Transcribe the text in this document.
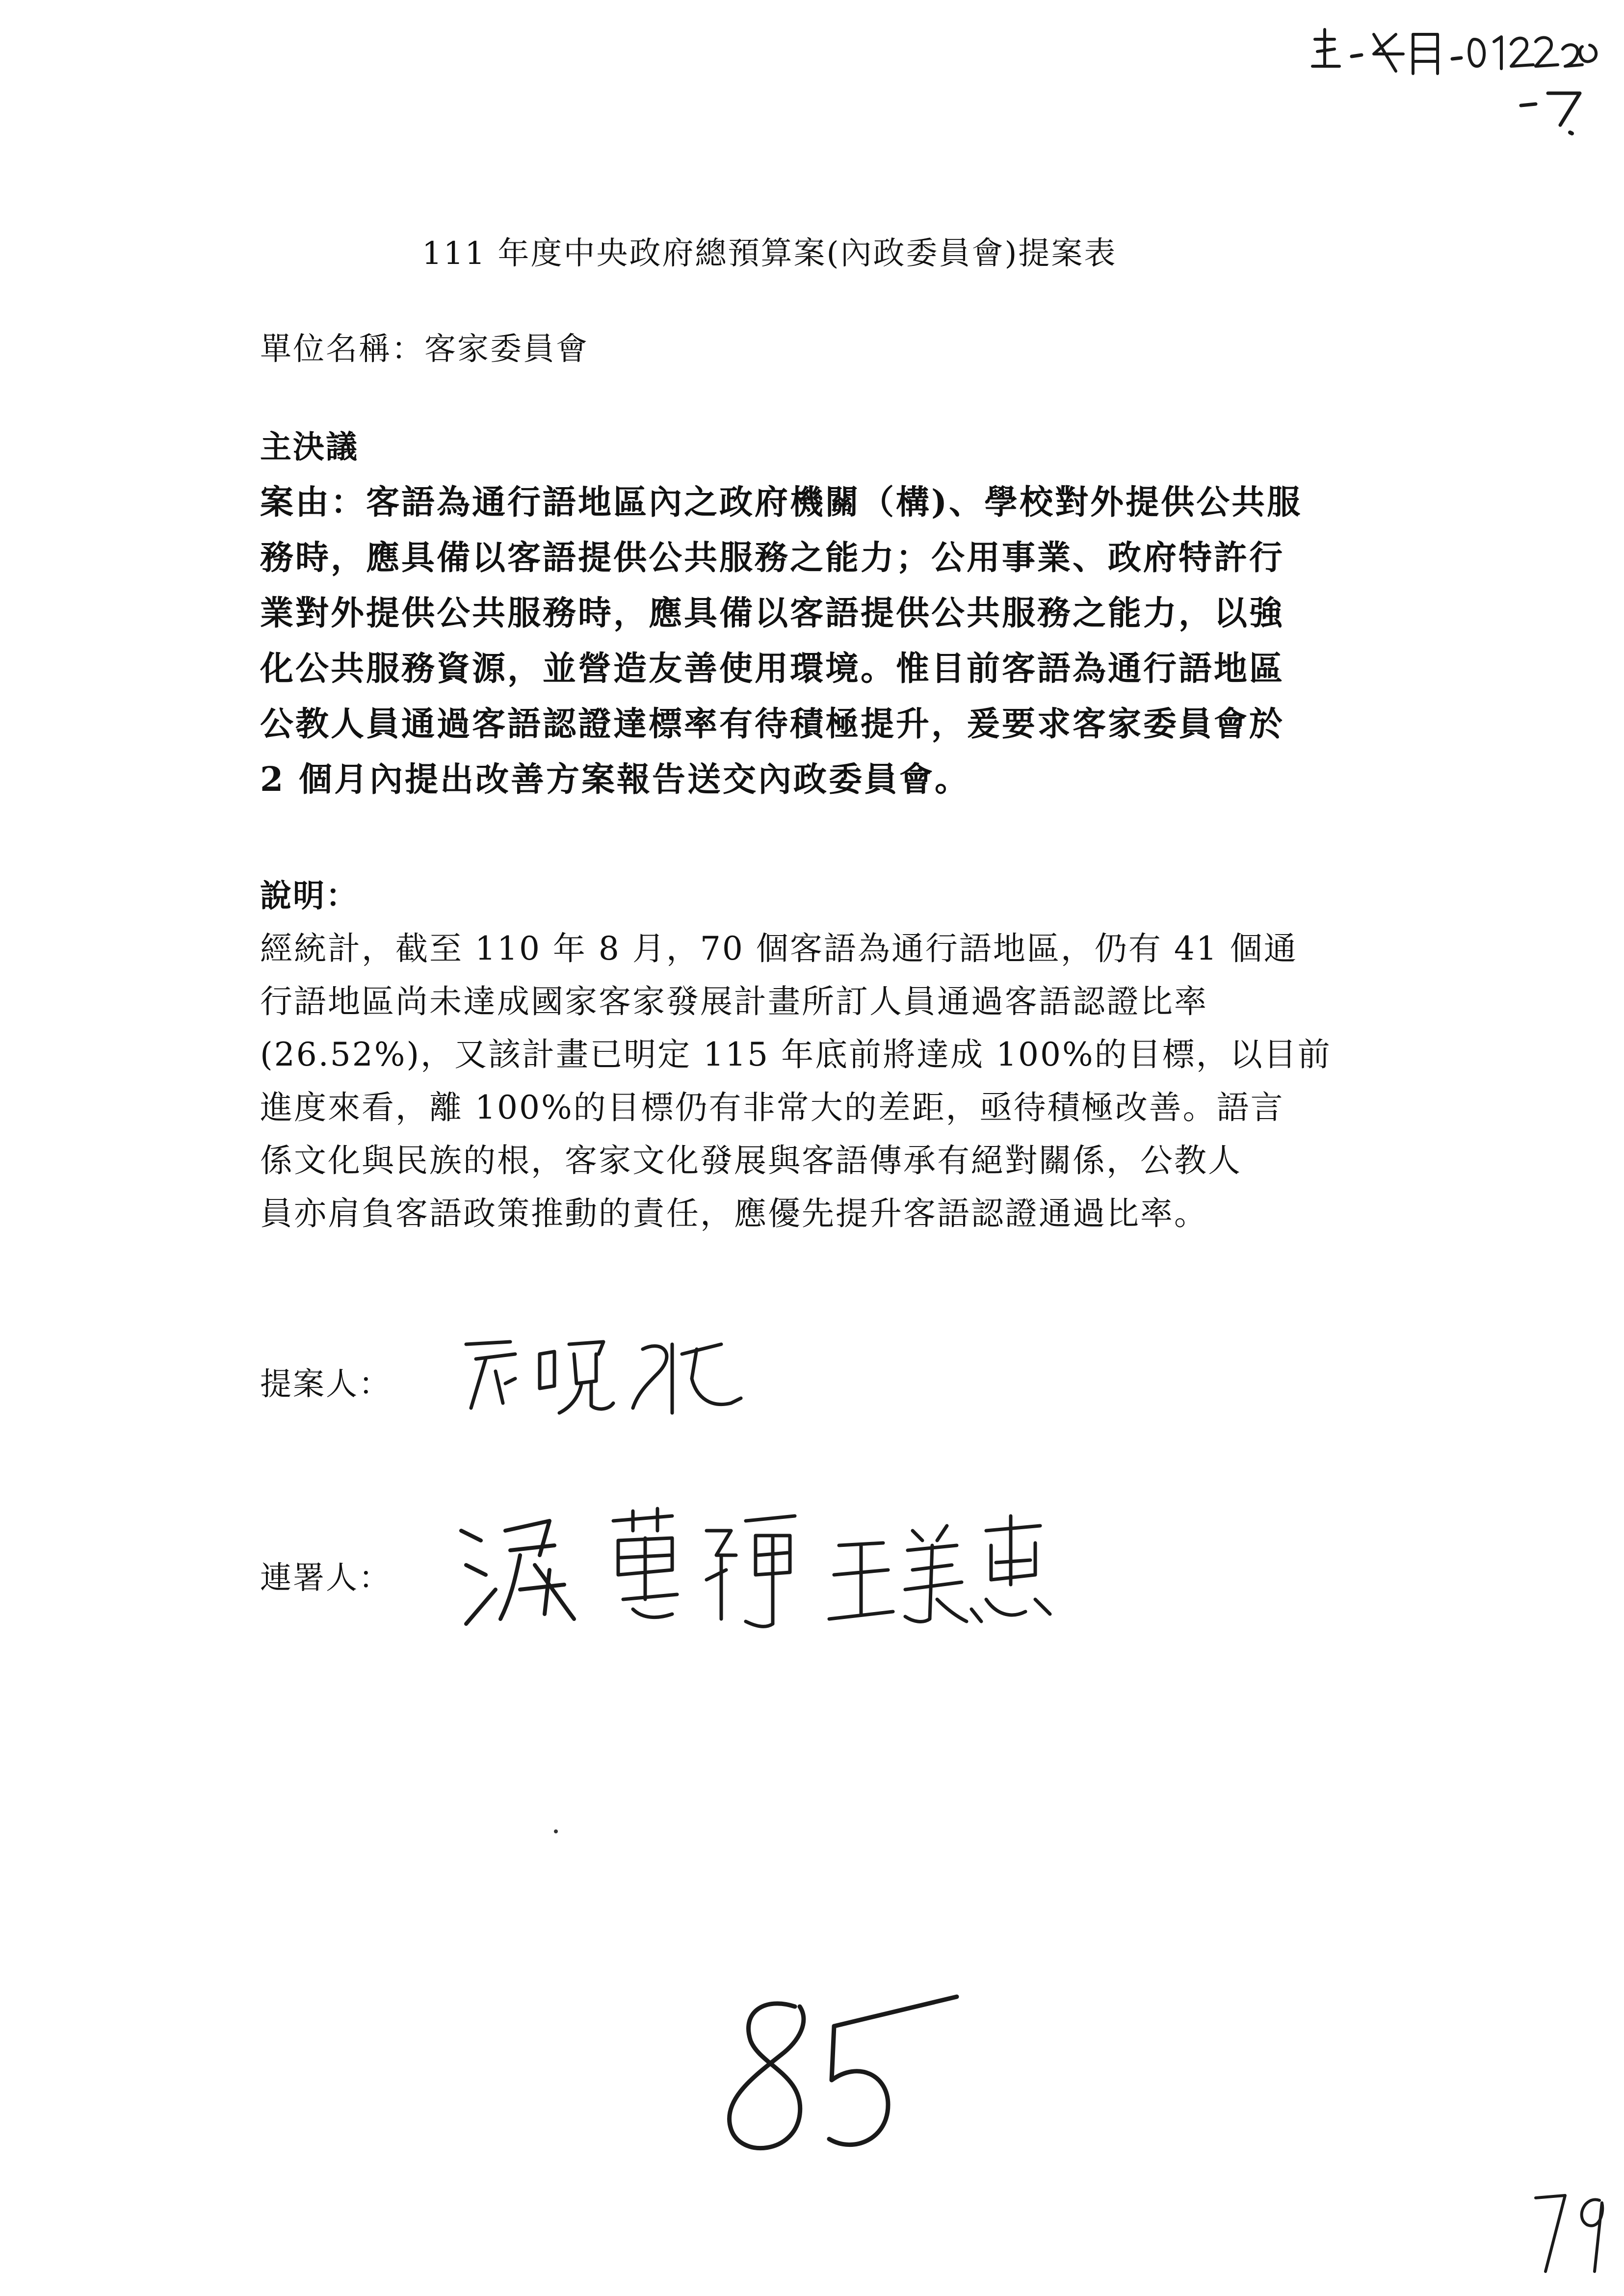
111 年度中央政府總預算案(內政委員會)提案表
單位名稱：客家委員會
主決議
案由：客語為通行語地區內之政府機關（構)、學校對外提供公共服
務時，應具備以客語提供公共服務之能力；公用事業、政府特許行
業對外提供公共服務時，應具備以客語提供公共服務之能力，以強
化公共服務資源，並營造友善使用環境。惟目前客語為通行語地區
公教人員通過客語認證達標率有待積極提升，爰要求客家委員會於
2 個月內提出改善方案報告送交內政委員會。
說明：
經統計，截至 110 年 8 月，70 個客語為通行語地區，仍有 41 個通
行語地區尚未達成國家客家發展計畫所訂人員通過客語認證比率
(26.52%)，又該計畫已明定 115 年底前將達成 100%的目標，以目前
進度來看，離 100%的目標仍有非常大的差距，亟待積極改善。語言
係文化與民族的根，客家文化發展與客語傳承有絕對關係，公教人
員亦肩負客語政策推動的責任，應優先提升客語認證通過比率。
提案人：
連署人：
